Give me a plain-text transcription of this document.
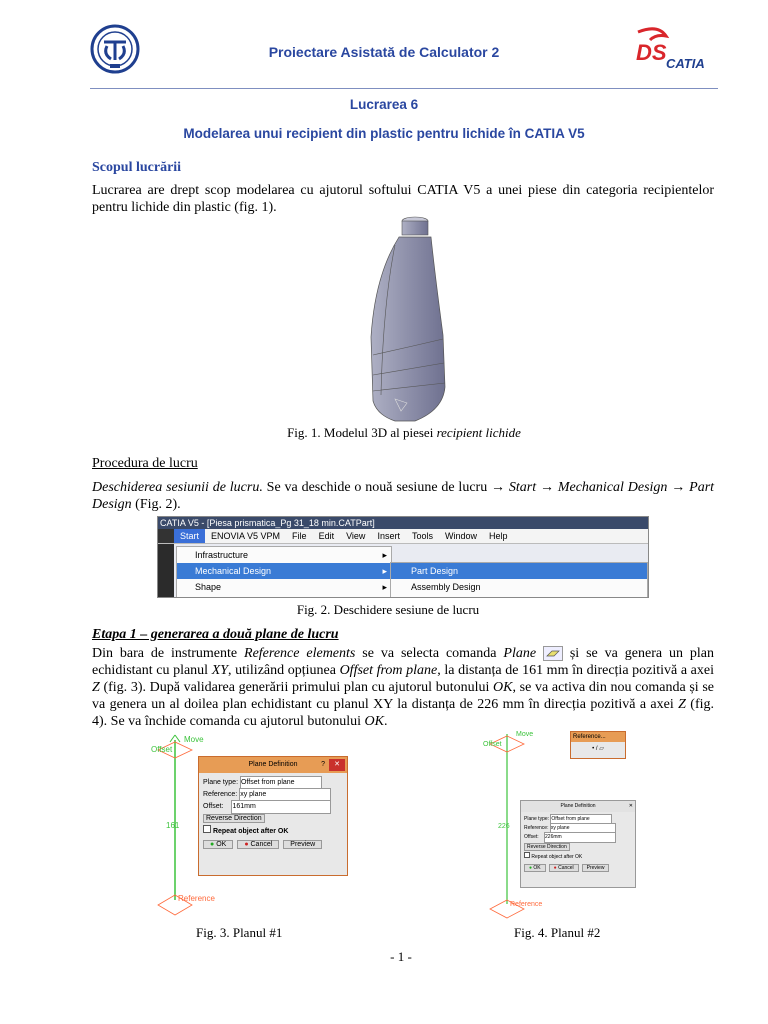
Proiectare Asistată de Calculator 2	DS CATIA
Lucrarea 6
Modelarea unui recipient din plastic pentru lichide în CATIA V5
Scopul lucrării

Lucrarea are drept scop modelarea cu ajutorul softului CATIA V5 a unei piese din categoria recipientelor pentru lichide din plastic (fig. 1).

Fig. 1. Modelul 3D al piesei recipient lichide
Procedura de lucru

Deschiderea sesiunii de lucru. Se va deschide o nouă sesiune de lucru → Start → Mechanical Design → Part Design (Fig. 2).

CATIA V5 - [Piesa prismatica_Pg 31_18 min.CATPart]
Start	ENOVIA V5 VPM	File	Edit	View	Insert	Tools	Window	Help
Infrastructure	▸
Mechanical Design	▸
Shape	▸
Part Design
Assembly Design
Fig. 2. Deschidere sesiune de lucru
Etapa 1 – generarea a două plane de lucru

Din bara de instrumente Reference elements se va selecta comanda Plane  și se va genera un plan echidistant cu planul XY, utilizând opțiunea Offset from plane, la distanța de 161 mm în direcția pozitivă a axei Z (fig. 3). După validarea generării primului plan cu ajutorul butonului OK, se va activa din nou comanda și se va genera un al doilea plan echidistant cu planul XY la distanța de 226 mm în direcția pozitivă a axei Z (fig. 4). Se va închide comanda cu ajutorul butonului OK.

Move
Offset
161
Reference
Plane Definition	?	✕
Plane type: Offset from plane
Reference: xy plane
Offset: 161mm
Reverse Direction
Repeat object after OK
● OK	● Cancel	Preview
Fig. 3. Planul #1
Move
Offset
226
Reference
Reference...
• / ▱
Plane Definition	✕
Plane type: Offset from plane
Reference: xy plane
Offset: 226mm
Reverse Direction
Repeat object after OK
● OK	● Cancel	Preview
Fig. 4. Planul #2
- 1 -
